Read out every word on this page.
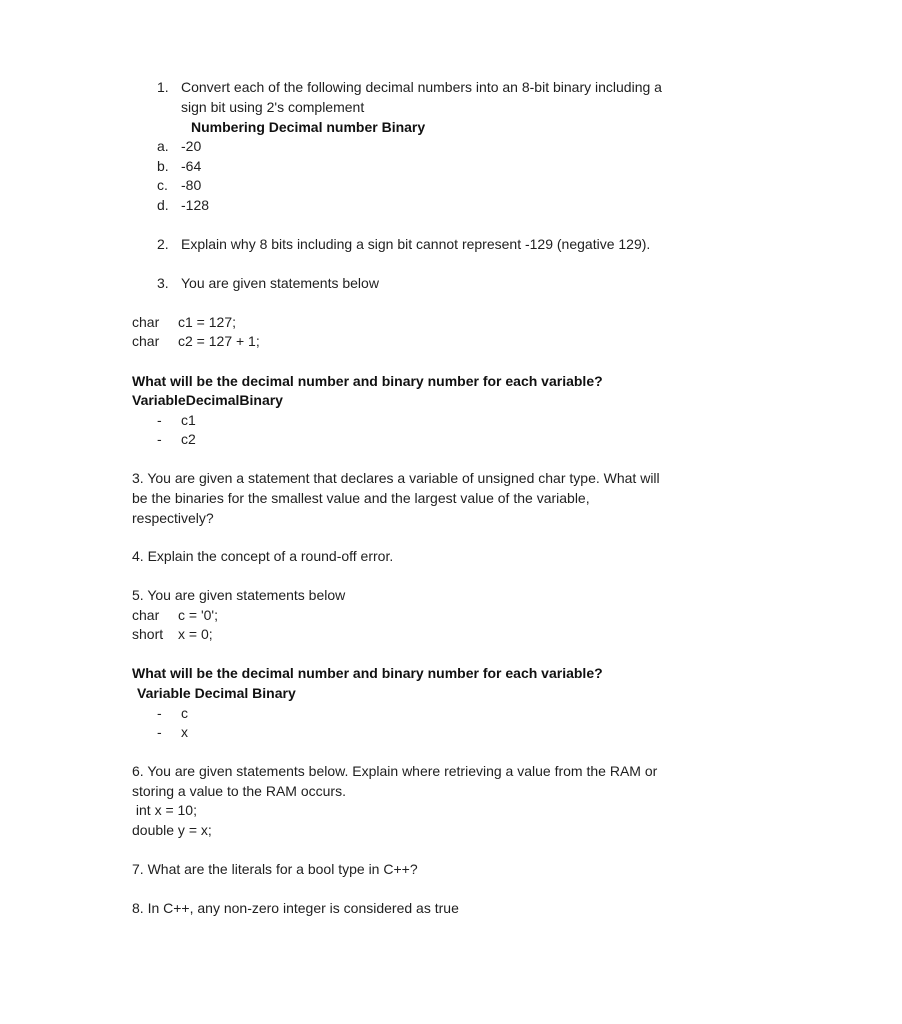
1. Convert each of the following decimal numbers into an 8-bit binary including a
sign bit using 2's complement
Numbering Decimal number Binary
a. -20
b. -64
c. -80
d. -128
2. Explain why 8 bits including a sign bit cannot represent -129 (negative 129).
3. You are given statements below
char c1 = 127;
char c2 = 127 + 1;
What will be the decimal number and binary number for each variable?
VariableDecimalBinary
- c1
- c2
3. You are given a statement that declares a variable of unsigned char type. What will
be the binaries for the smallest value and the largest value of the variable,
respectively?
4. Explain the concept of a round-off error.
5. You are given statements below
char c = '0';
short x = 0;
What will be the decimal number and binary number for each variable?
Variable Decimal Binary
- c
- x
6. You are given statements below. Explain where retrieving a value from the RAM or
storing a value to the RAM occurs.
int x = 10;
double y = x;
7. What are the literals for a bool type in C++?
8. In C++, any non-zero integer is considered as true
